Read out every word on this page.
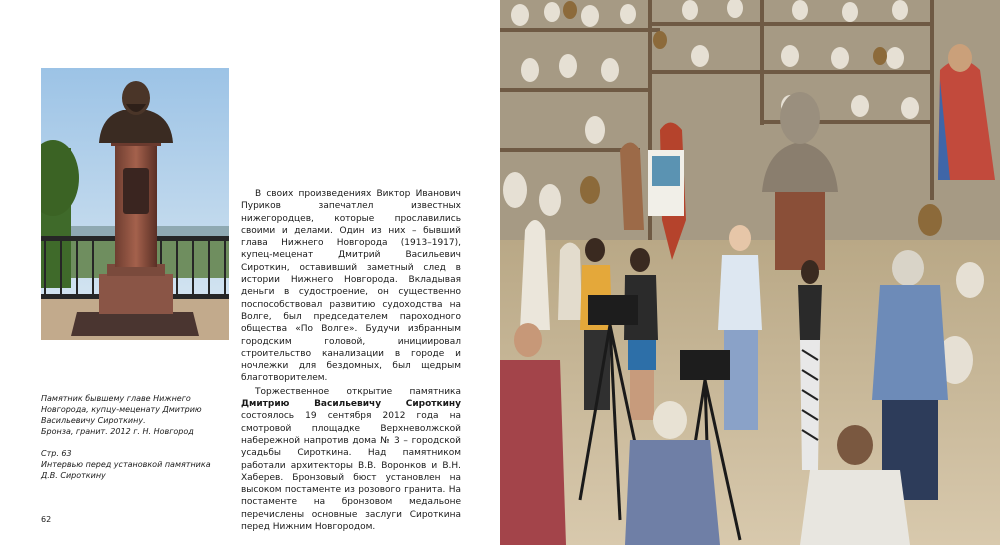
В своих произведениях Виктор Иванович Пуриков запечатлел известных нижегородцев, которые прославились своими и делами. Один из них – бывший глава Нижнего Новгорода (1913–1917), купец-меценат Дмитрий Васильевич Сироткин, оставивший заметный след в истории Нижнего Новгорода. Вкладывая деньги в судостроение, он существенно поспособствовал развитию судоходства на Волге, был председателем пароходного общества «По Волге». Будучи избранным городским головой, инициировал строительство канализации в городе и ночлежки для бездомных, был щедрым благотворителем.

Торжественное открытие памятника Дмитрию Васильевичу Сироткину состоялось 19 сентября 2012 года на смотровой площадке Верхневолжской набережной напротив дома № 3 – городской усадьбы Сироткина. Над памятником работали архитекторы В.В. Воронков и В.Н. Хаберев. Бронзовый бюст установлен на высоком постаменте из розового гранита. На постаменте на бронзовом медальоне перечислены основные заслуги Сироткина перед Нижним Новгородом.

Памятник бывшему главе Нижнего
Новгорода, купцу-меценату Дмитрию
Васильевичу Сироткину.
Бронза, гранит. 2012 г. Н. Новгород
Стр. 63
Интервью перед установкой памятника
Д.В. Сироткину
62
